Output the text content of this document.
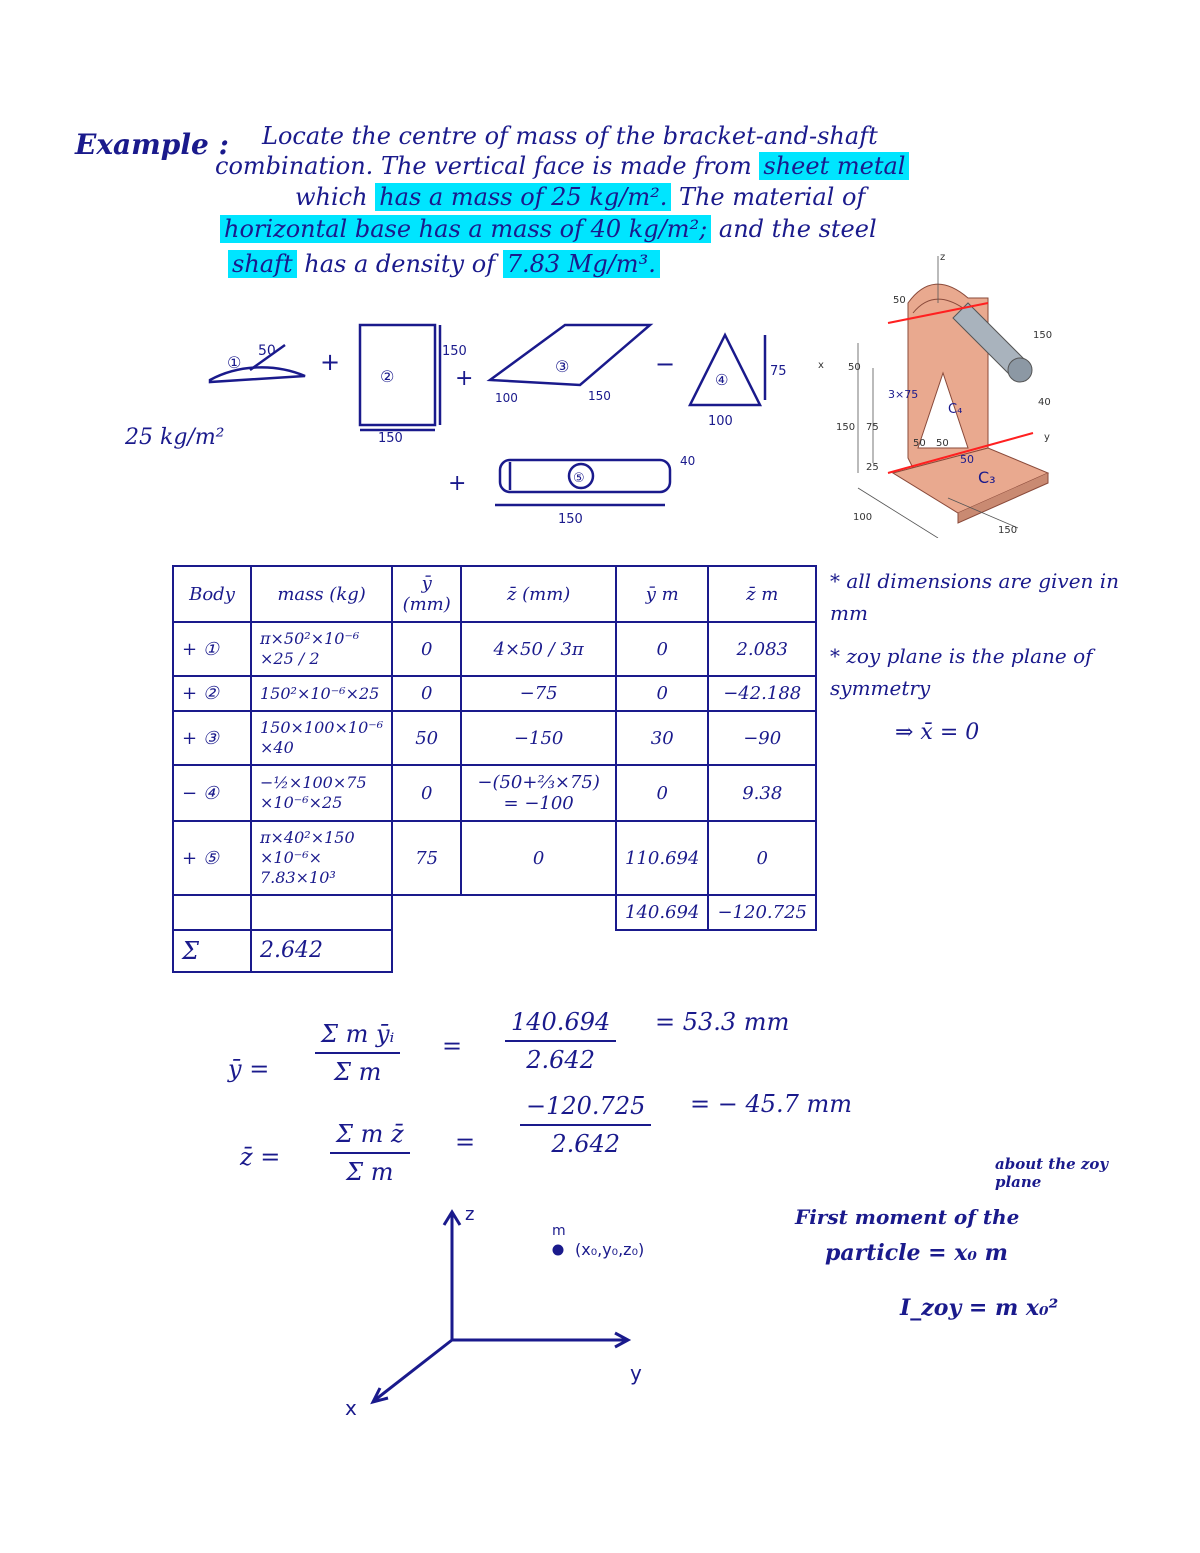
Example : Locate the centre of mass of the bracket-and-shaft
combination. The vertical face is made from sheet metal
which has a mass of 25 kg/m². The material of
horizontal base has a mass of 40 kg/m²; and the steel
shaft has a density of 7.83 Mg/m³.
①
50 +
②
150
150
+	③
100	150
−
④	75
100
+	⑤
40
150
25 kg/m²
z
50
150
x 50
150 75
25
40
100
150
50 50
y
C₄
C₃
50
3×75
Body	mass (kg)	ȳ (mm)	z̄ (mm)	ȳ m	z̄ m
+ ①	π×50²×10⁻⁶ ×25 / 2	0	4×50 / 3π	0	2.083
+ ②	150²×10⁻⁶×25	0	−75	0	−42.188
+ ③	150×100×10⁻⁶ ×40	50	−150	30	−90
− ④	−½×100×75 ×10⁻⁶×25	0	−(50+⅔×75) = −100	0	9.38
+ ⑤	π×40²×150 ×10⁻⁶× 7.83×10³	75	0	110.694	0
				140.694	−120.725
Σ	2.642				
* all dimensions are given in mm
* zoy plane is the plane of symmetry
⇒ x̄ = 0
ȳ = $\frac{\text{Σ m ȳᵢ}}{\text{Σ m}} = \frac{140.694}{2.642} = 53.3$ mm
z̄ = $\frac{\text{Σ m z̄}}{\text{Σ m}} = \frac{-120.725}{2.642}$ = − 45.7 mm
z
y
x
m
(x₀,y₀,z₀)
about the zoy plane
First moment of the
particle = x₀ m
I_zoy = m x₀²
